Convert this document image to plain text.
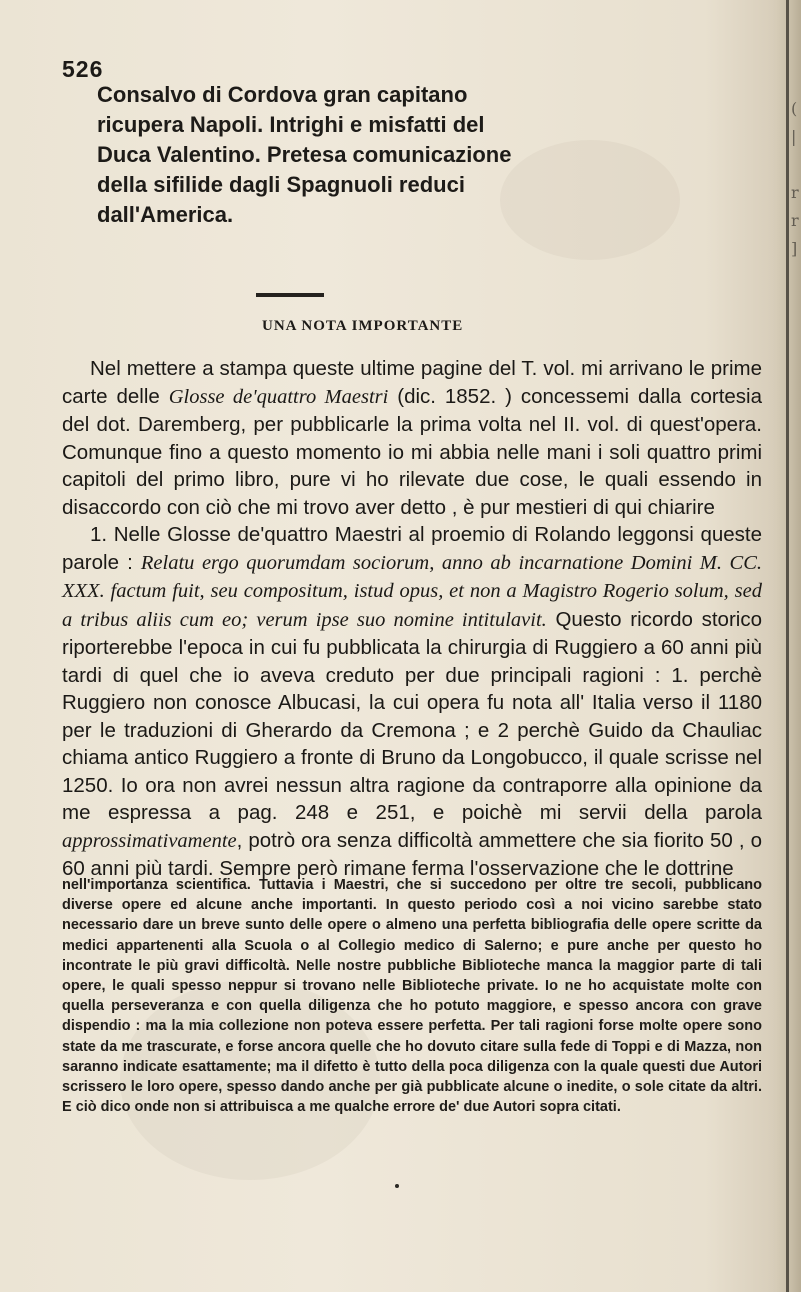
(
|

r
r
]
526
Consalvo di Cordova gran capitano ricupera Napoli. Intrighi e misfatti del Duca Valentino. Pretesa comunicazione della sifilide dagli Spagnuoli reduci dall'America.
UNA NOTA IMPORTANTE

Nel mettere a stampa queste ultime pagine del T. vol. mi arrivano le prime carte delle Glosse de'quattro Maestri (dic. 1852. ) concessemi dalla cortesia del dot. Daremberg, per pubblicarle la prima volta nel II. vol. di quest'opera. Comunque fino a questo momento io mi abbia nelle mani i soli quattro primi capitoli del primo libro, pure vi ho rilevate due cose, le quali essendo in disaccordo con ciò che mi trovo aver detto , è pur mestieri di qui chiarire

1. Nelle Glosse de'quattro Maestri al proemio di Rolando leggonsi queste parole : Relatu ergo quorumdam sociorum, anno ab incarnatione Domini M. CC. XXX. factum fuit, seu compositum, istud opus, et non a Magistro Rogerio solum, sed a tribus aliis cum eo; verum ipse suo nomine intitulavit. Questo ricordo storico riporterebbe l'epoca in cui fu pubblicata la chirurgia di Ruggiero a 60 anni più tardi di quel che io aveva creduto per due principali ragioni : 1. perchè Ruggiero non conosce Albucasi, la cui opera fu nota all' Italia verso il 1180 per le traduzioni di Gherardo da Cremona ; e 2 perchè Guido da Chauliac chiama antico Ruggiero a fronte di Bruno da Longobucco, il quale scrisse nel 1250. Io ora non avrei nessun altra ragione da contraporre alla opinione da me espressa a pag. 248 e 251, e poichè mi servii della parola approssimativamente, potrò ora senza difficoltà ammettere che sia fiorito 50 , o 60 anni più tardi. Sempre però rimane ferma l'osservazione che le dottrine

nell'importanza scientifica. Tuttavia i Maestri, che si succedono per oltre tre secoli, pubblicano diverse opere ed alcune anche importanti. In questo periodo così a noi vicino sarebbe stato necessario dare un breve sunto delle opere o almeno una perfetta bibliografia delle opere scritte da medici appartenenti alla Scuola o al Collegio medico di Salerno; e pure anche per questo ho incontrate le più gravi difficoltà. Nelle nostre pubbliche Biblioteche manca la maggior parte di tali opere, le quali spesso neppur si trovano nelle Biblioteche private. Io ne ho acquistate molte con quella perseveranza e con quella diligenza che ho potuto maggiore, e spesso ancora con grave dispendio : ma la mia collezione non poteva essere perfetta. Per tali ragioni forse molte opere sono state da me trascurate, e forse ancora quelle che ho dovuto citare sulla fede di Toppi e di Mazza, non saranno indicate esattamente; ma il difetto è tutto della poca diligenza con la quale questi due Autori scrissero le loro opere, spesso dando anche per già pubblicate alcune o inedite, o sole citate da altri. E ciò dico onde non si attribuisca a me qualche errore de' due Autori sopra citati.
